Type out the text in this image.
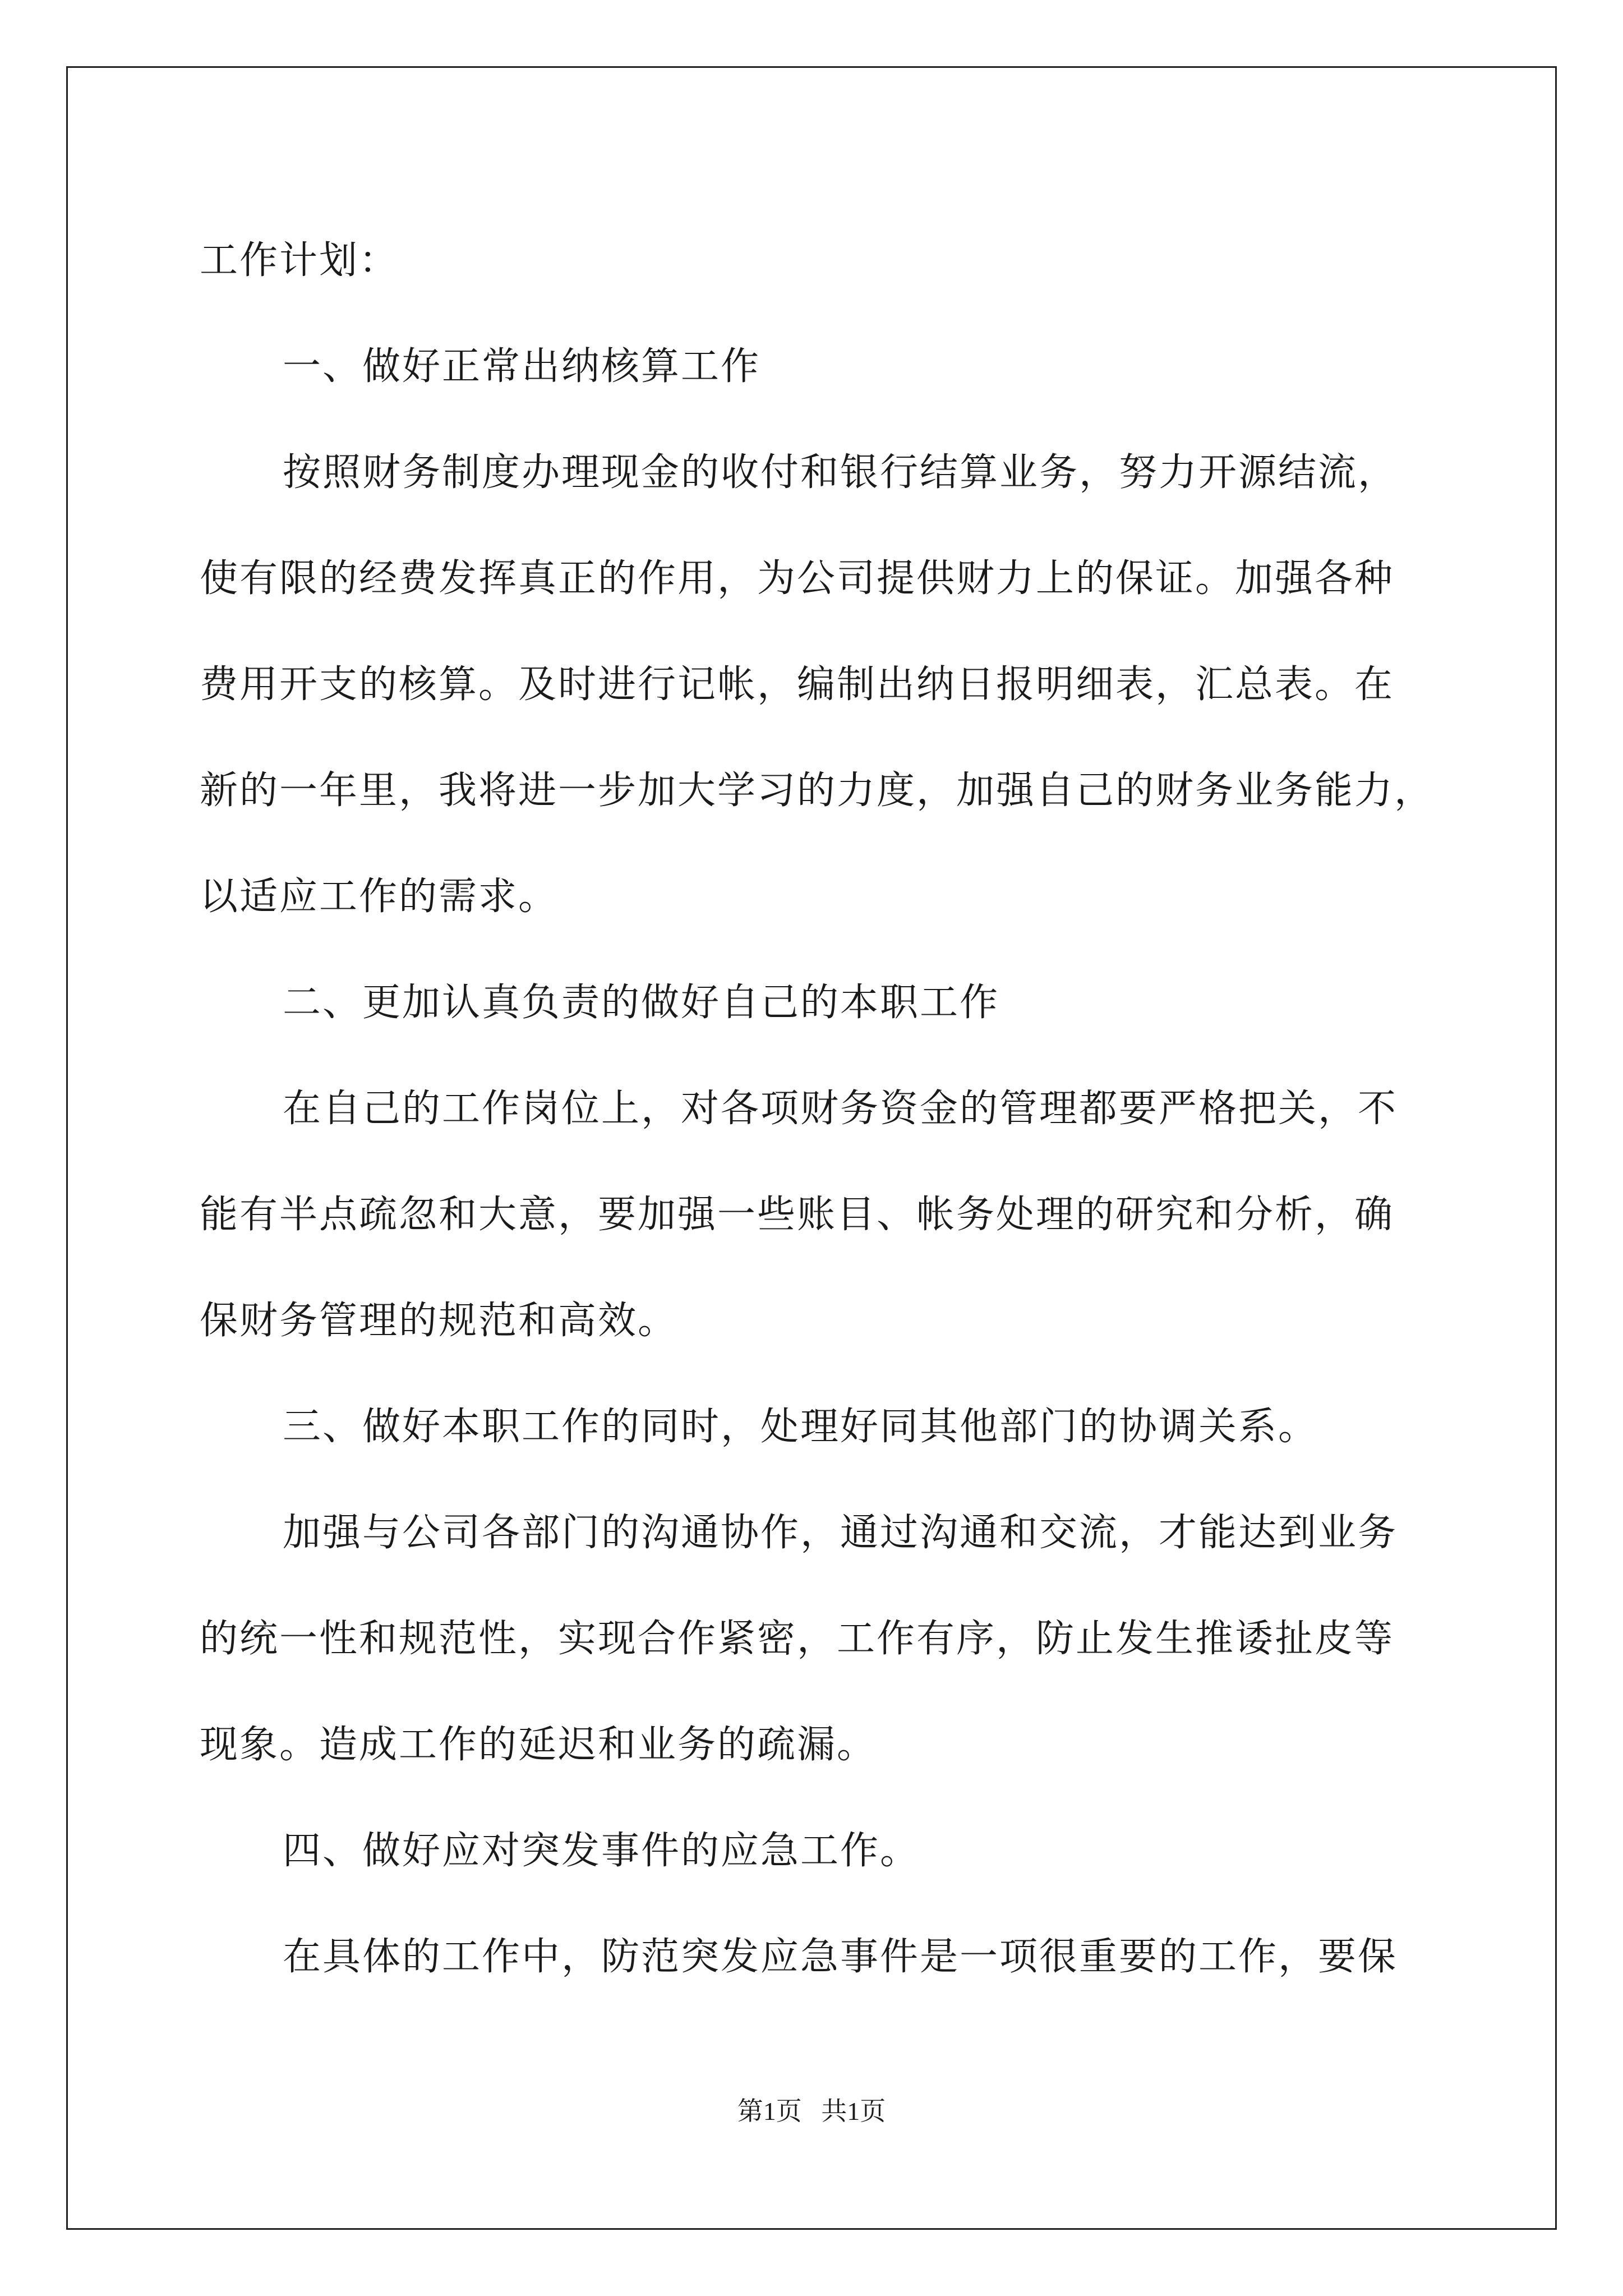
工作计划：
一、做好正常出纳核算工作
按照财务制度办理现金的收付和银行结算业务，努力开源结流，
使有限的经费发挥真正的作用，为公司提供财力上的保证。加强各种
费用开支的核算。及时进行记帐，编制出纳日报明细表，汇总表。在
新的一年里，我将进一步加大学习的力度，加强自己的财务业务能力，
以适应工作的需求。
二、更加认真负责的做好自己的本职工作
在自己的工作岗位上，对各项财务资金的管理都要严格把关，不
能有半点疏忽和大意，要加强一些账目、帐务处理的研究和分析，确
保财务管理的规范和高效。
三、做好本职工作的同时，处理好同其他部门的协调关系。
加强与公司各部门的沟通协作，通过沟通和交流，才能达到业务
的统一性和规范性，实现合作紧密，工作有序，防止发生推诿扯皮等
现象。造成工作的延迟和业务的疏漏。
四、做好应对突发事件的应急工作。
在具体的工作中，防范突发应急事件是一项很重要的工作，要保
第1页   共1页
